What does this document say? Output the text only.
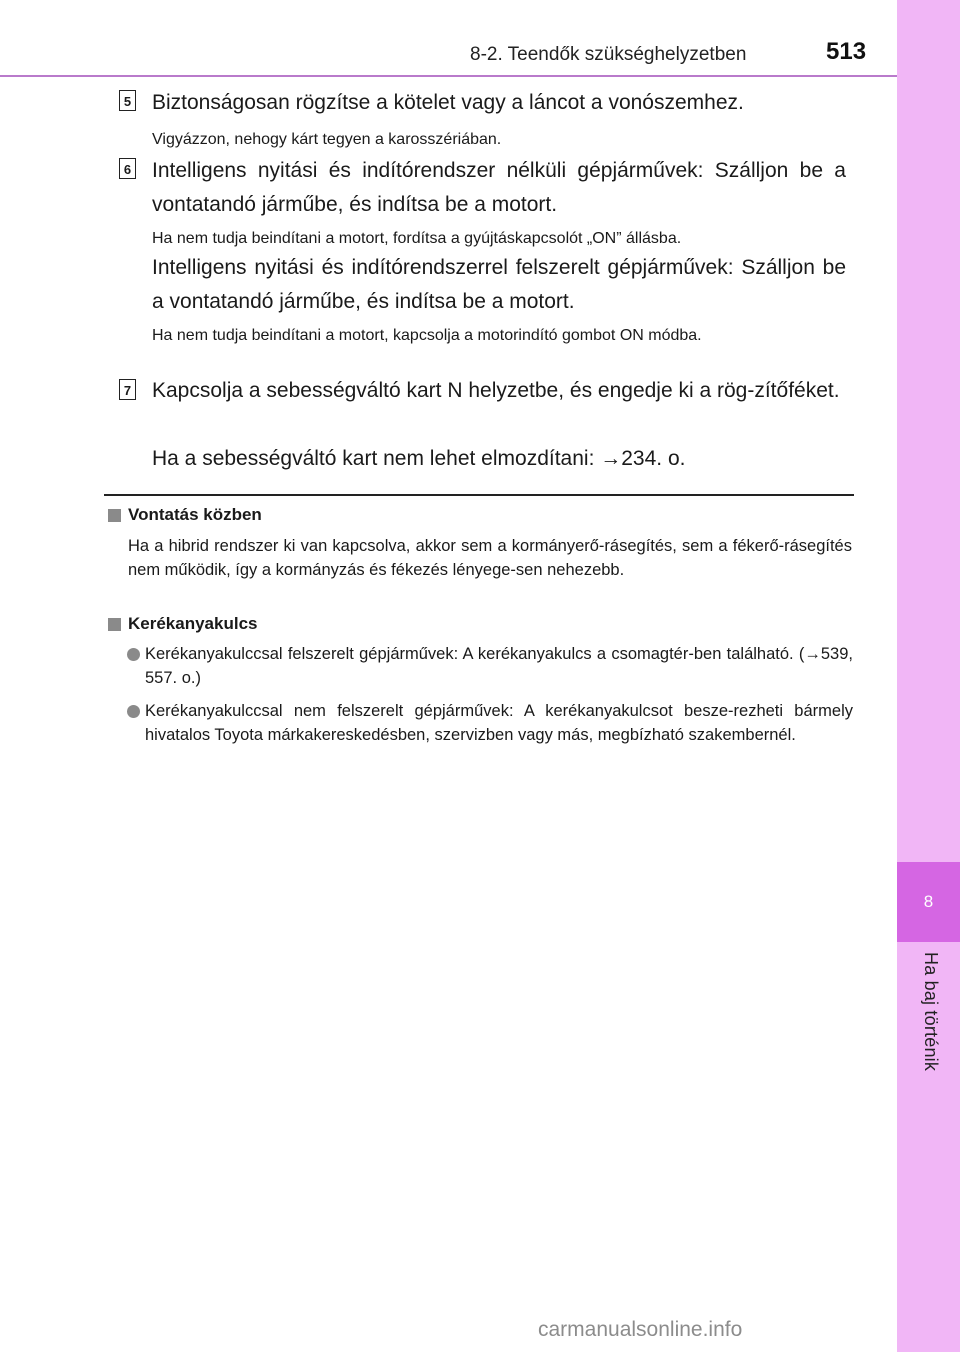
8-2. Teendők szükséghelyzetben	513
8
Ha baj történik
5 Biztonságosan rögzítse a kötelet vagy a láncot a vonószemhez.
Vigyázzon, nehogy kárt tegyen a karosszériában.
6 Intelligens nyitási és indítórendszer nélküli gépjárművek: Szálljon be a vontatandó járműbe, és indítsa be a motort.
Ha nem tudja beindítani a motort, fordítsa a gyújtáskapcsolót „ON” állásba.
Intelligens nyitási és indítórendszerrel felszerelt gépjárművek: Szálljon be a vontatandó járműbe, és indítsa be a motort.
Ha nem tudja beindítani a motort, kapcsolja a motorindító gombot ON módba.
7 Kapcsolja a sebességváltó kart N helyzetbe, és engedje ki a rög-zítőféket.
Ha a sebességváltó kart nem lehet elmozdítani: →234. o.
Vontatás közben
Ha a hibrid rendszer ki van kapcsolva, akkor sem a kormányerő-rásegítés, sem a fékerő-rásegítés nem működik, így a kormányzás és fékezés lényege-sen nehezebb.
Kerékanyakulcs
Kerékanyakulccsal felszerelt gépjárművek: A kerékanyakulcs a csomagtér-ben található. (→539, 557. o.)
Kerékanyakulccsal nem felszerelt gépjárművek: A kerékanyakulcsot besze-rezheti bármely hivatalos Toyota márkakereskedésben, szervizben vagy más, megbízható szakembernél.
carmanualsonline.info
